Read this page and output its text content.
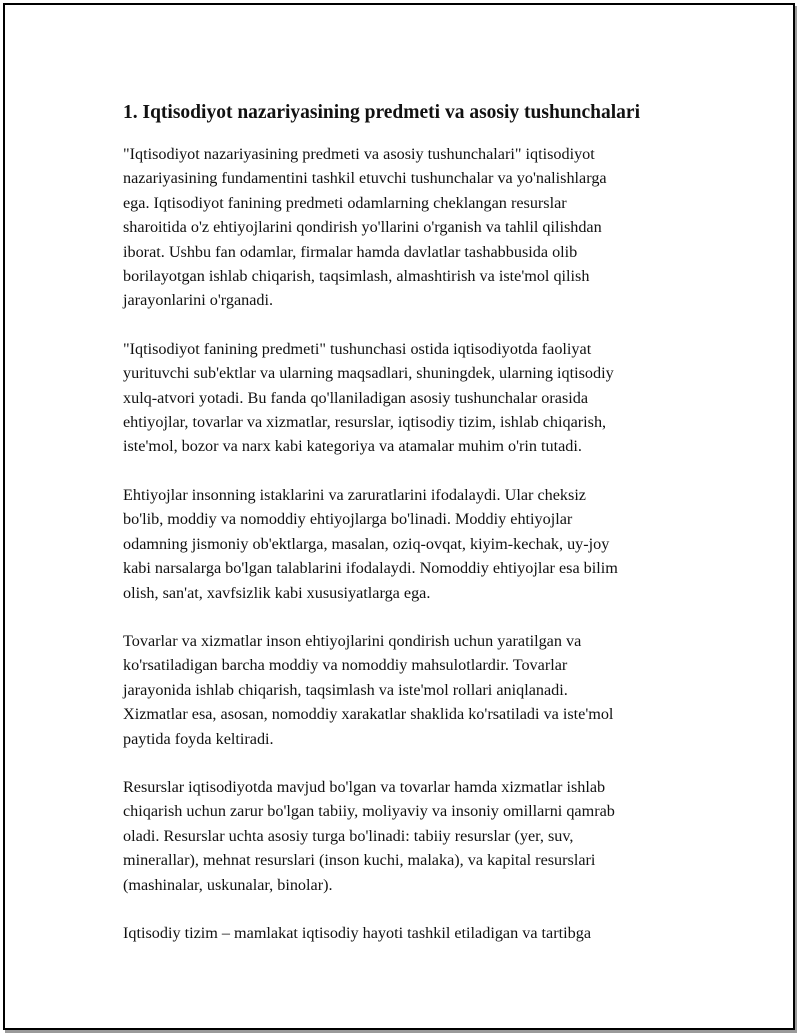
1. Iqtisodiyot nazariyasining predmeti va asosiy tushunchalari

"Iqtisodiyot nazariyasining predmeti va asosiy tushunchalari" iqtisodiyot
nazariyasining fundamentini tashkil etuvchi tushunchalar va yo'nalishlarga
ega. Iqtisodiyot fanining predmeti odamlarning cheklangan resurslar
sharoitida o'z ehtiyojlarini qondirish yo'llarini o'rganish va tahlil qilishdan
iborat. Ushbu fan odamlar, firmalar hamda davlatlar tashabbusida olib
borilayotgan ishlab chiqarish, taqsimlash, almashtirish va iste'mol qilish
jarayonlarini o'rganadi.

"Iqtisodiyot fanining predmeti" tushunchasi ostida iqtisodiyotda faoliyat
yurituvchi sub'ektlar va ularning maqsadlari, shuningdek, ularning iqtisodiy
xulq-atvori yotadi. Bu fanda qo'llaniladigan asosiy tushunchalar orasida
ehtiyojlar, tovarlar va xizmatlar, resurslar, iqtisodiy tizim, ishlab chiqarish,
iste'mol, bozor va narx kabi kategoriya va atamalar muhim o'rin tutadi.

Ehtiyojlar insonning istaklarini va zaruratlarini ifodalaydi. Ular cheksiz
bo'lib, moddiy va nomoddiy ehtiyojlarga bo'linadi. Moddiy ehtiyojlar
odamning jismoniy ob'ektlarga, masalan, oziq-ovqat, kiyim-kechak, uy-joy
kabi narsalarga bo'lgan talablarini ifodalaydi. Nomoddiy ehtiyojlar esa bilim
olish, san'at, xavfsizlik kabi xususiyatlarga ega.

Tovarlar va xizmatlar inson ehtiyojlarini qondirish uchun yaratilgan va
ko'rsatiladigan barcha moddiy va nomoddiy mahsulotlardir. Tovarlar
jarayonida ishlab chiqarish, taqsimlash va iste'mol rollari aniqlanadi.
Xizmatlar esa, asosan, nomoddiy xarakatlar shaklida ko'rsatiladi va iste'mol
paytida foyda keltiradi.

Resurslar iqtisodiyotda mavjud bo'lgan va tovarlar hamda xizmatlar ishlab
chiqarish uchun zarur bo'lgan tabiiy, moliyaviy va insoniy omillarni qamrab
oladi. Resurslar uchta asosiy turga bo'linadi: tabiiy resurslar (yer, suv,
minerallar), mehnat resurslari (inson kuchi, malaka), va kapital resurslari
(mashinalar, uskunalar, binolar).

Iqtisodiy tizim – mamlakat iqtisodiy hayoti tashkil etiladigan va tartibga
